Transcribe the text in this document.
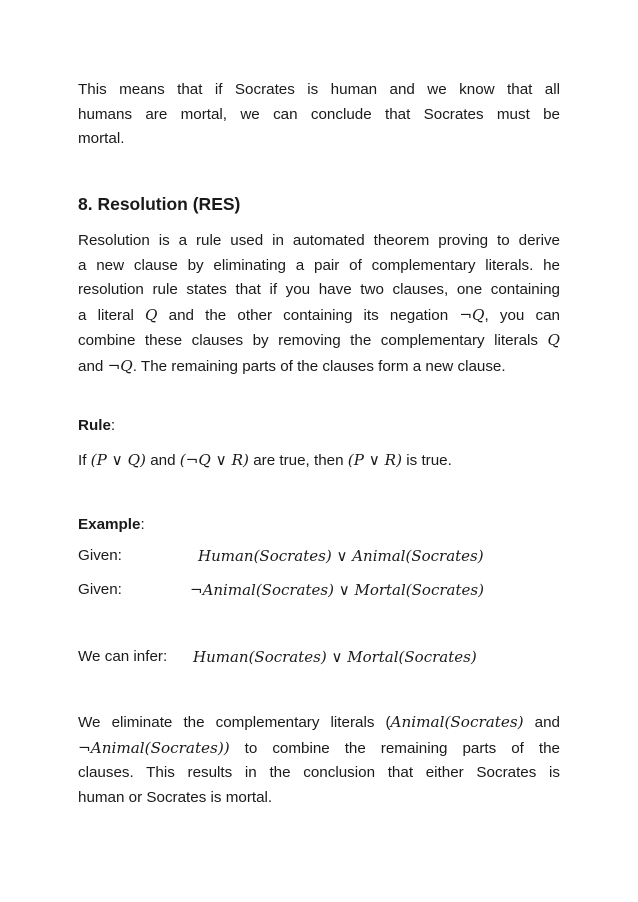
This means that if Socrates is human and we know that all
humans are mortal, we can conclude that Socrates must be
mortal.
8. Resolution (RES)
Resolution is a rule used in automated theorem proving to derive
a new clause by eliminating a pair of complementary literals. he
resolution rule states that if you have two clauses, one containing
a literal Q and the other containing its negation ¬Q, you can
combine these clauses by removing the complementary literals Q
and ¬Q. The remaining parts of the clauses form a new clause.
Rule:
If (P ∨ Q) and (¬Q ∨ R) are true, then (P ∨ R) is true.
Example:
Given:	Human(Socrates) ∨ Animal(Socrates)
Given:	¬Animal(Socrates) ∨ Mortal(Socrates)
We can infer: Human(Socrates) ∨ Mortal(Socrates)
We eliminate the complementary literals (Animal(Socrates) and
¬Animal(Socrates)) to combine the remaining parts of the
clauses. This results in the conclusion that either Socrates is
human or Socrates is mortal.
